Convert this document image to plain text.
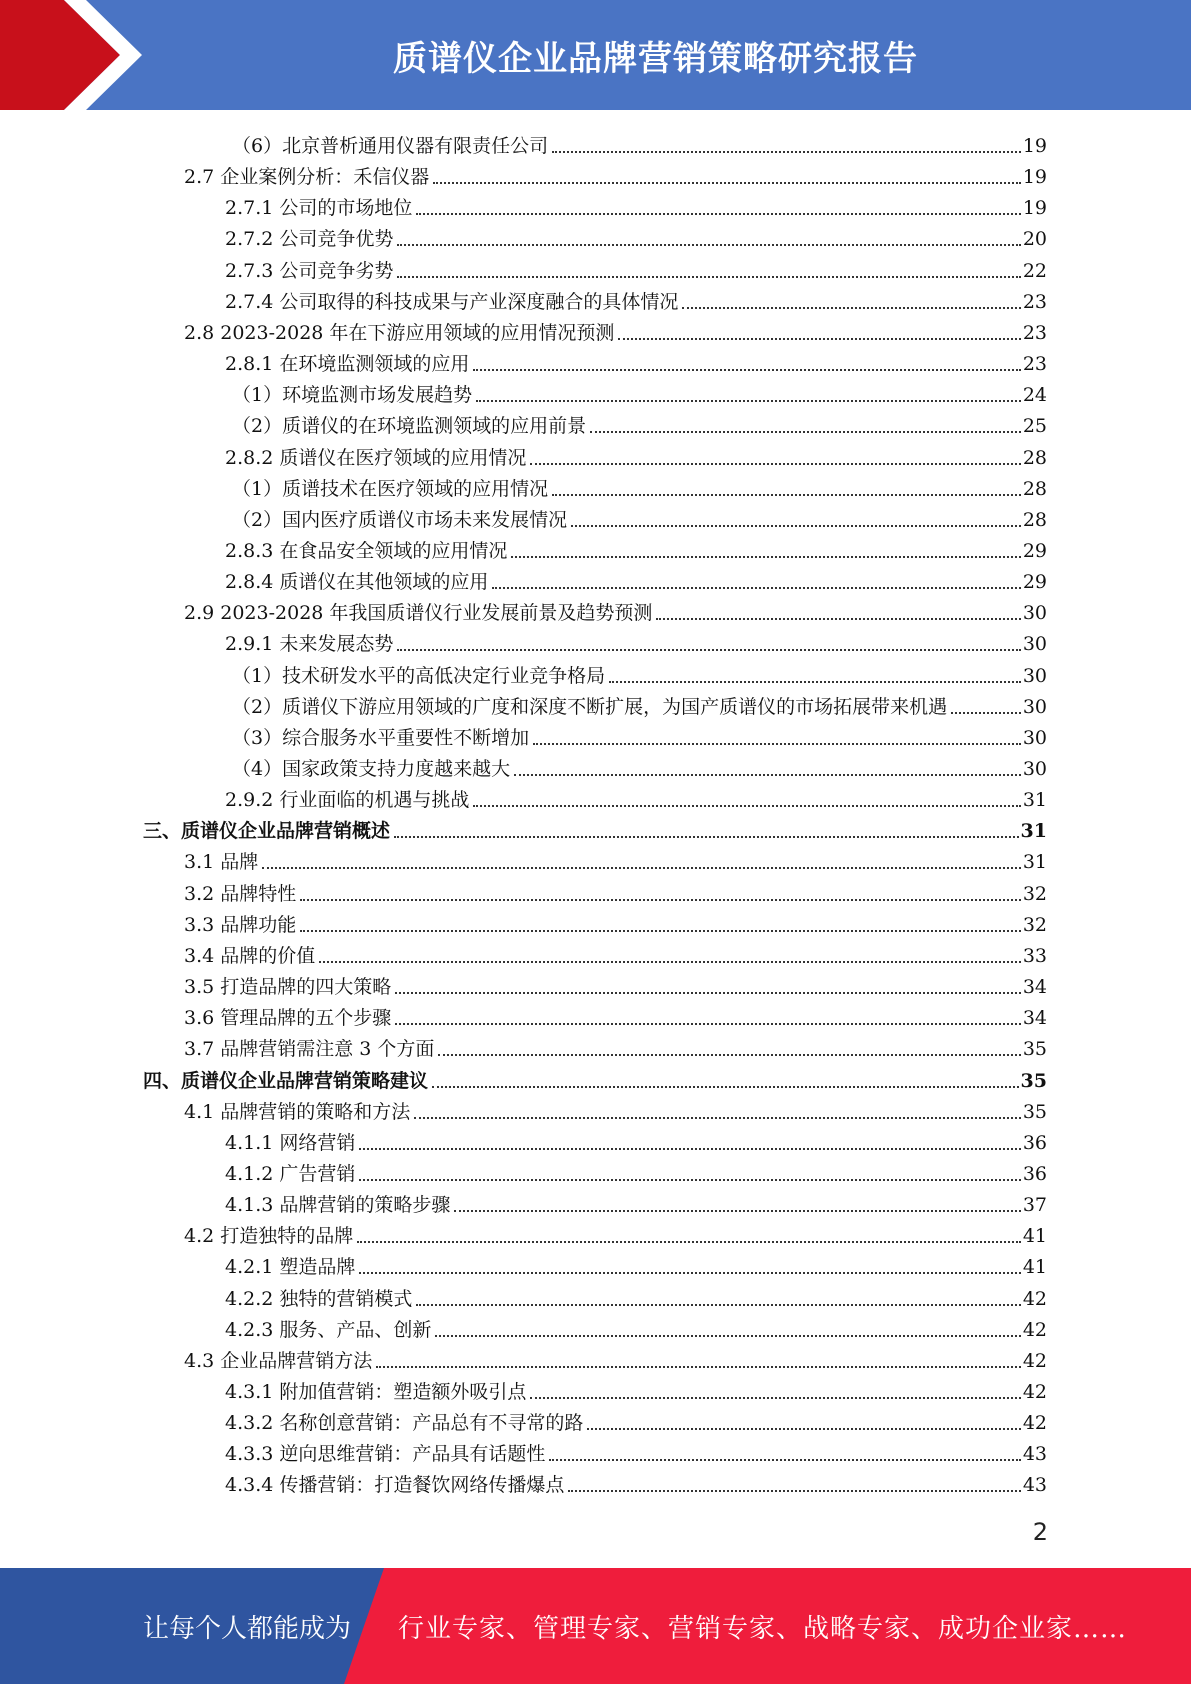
质谱仪企业品牌营销策略研究报告
（6）北京普析通用仪器有限责任公司	19
2.7 企业案例分析：禾信仪器	19
2.7.1 公司的市场地位	19
2.7.2 公司竞争优势	20
2.7.3 公司竞争劣势	22
2.7.4 公司取得的科技成果与产业深度融合的具体情况	23
2.8 2023-2028 年在下游应用领域的应用情况预测	23
2.8.1 在环境监测领域的应用	23
（1）环境监测市场发展趋势	24
（2）质谱仪的在环境监测领域的应用前景	25
2.8.2 质谱仪在医疗领域的应用情况	28
（1）质谱技术在医疗领域的应用情况	28
（2）国内医疗质谱仪市场未来发展情况	28
2.8.3 在食品安全领域的应用情况	29
2.8.4 质谱仪在其他领域的应用	29
2.9 2023-2028 年我国质谱仪行业发展前景及趋势预测	30
2.9.1 未来发展态势	30
（1）技术研发水平的高低决定行业竞争格局	30
（2）质谱仪下游应用领域的广度和深度不断扩展，为国产质谱仪的市场拓展带来机遇	30
（3）综合服务水平重要性不断增加	30
（4）国家政策支持力度越来越大	30
2.9.2 行业面临的机遇与挑战	31
三、质谱仪企业品牌营销概述	31
3.1 品牌	31
3.2 品牌特性	32
3.3 品牌功能	32
3.4 品牌的价值	33
3.5 打造品牌的四大策略	34
3.6 管理品牌的五个步骤	34
3.7 品牌营销需注意 3 个方面	35
四、质谱仪企业品牌营销策略建议	35
4.1 品牌营销的策略和方法	35
4.1.1 网络营销	36
4.1.2 广告营销	36
4.1.3 品牌营销的策略步骤	37
4.2 打造独特的品牌	41
4.2.1 塑造品牌	41
4.2.2 独特的营销模式	42
4.2.3 服务、产品、创新	42
4.3 企业品牌营销方法	42
4.3.1 附加值营销：塑造额外吸引点	42
4.3.2 名称创意营销：产品总有不寻常的路	42
4.3.3 逆向思维营销：产品具有话题性	43
4.3.4 传播营销：打造餐饮网络传播爆点	43
2
让每个人都能成为 行业专家、管理专家、营销专家、战略专家、成功企业家……
